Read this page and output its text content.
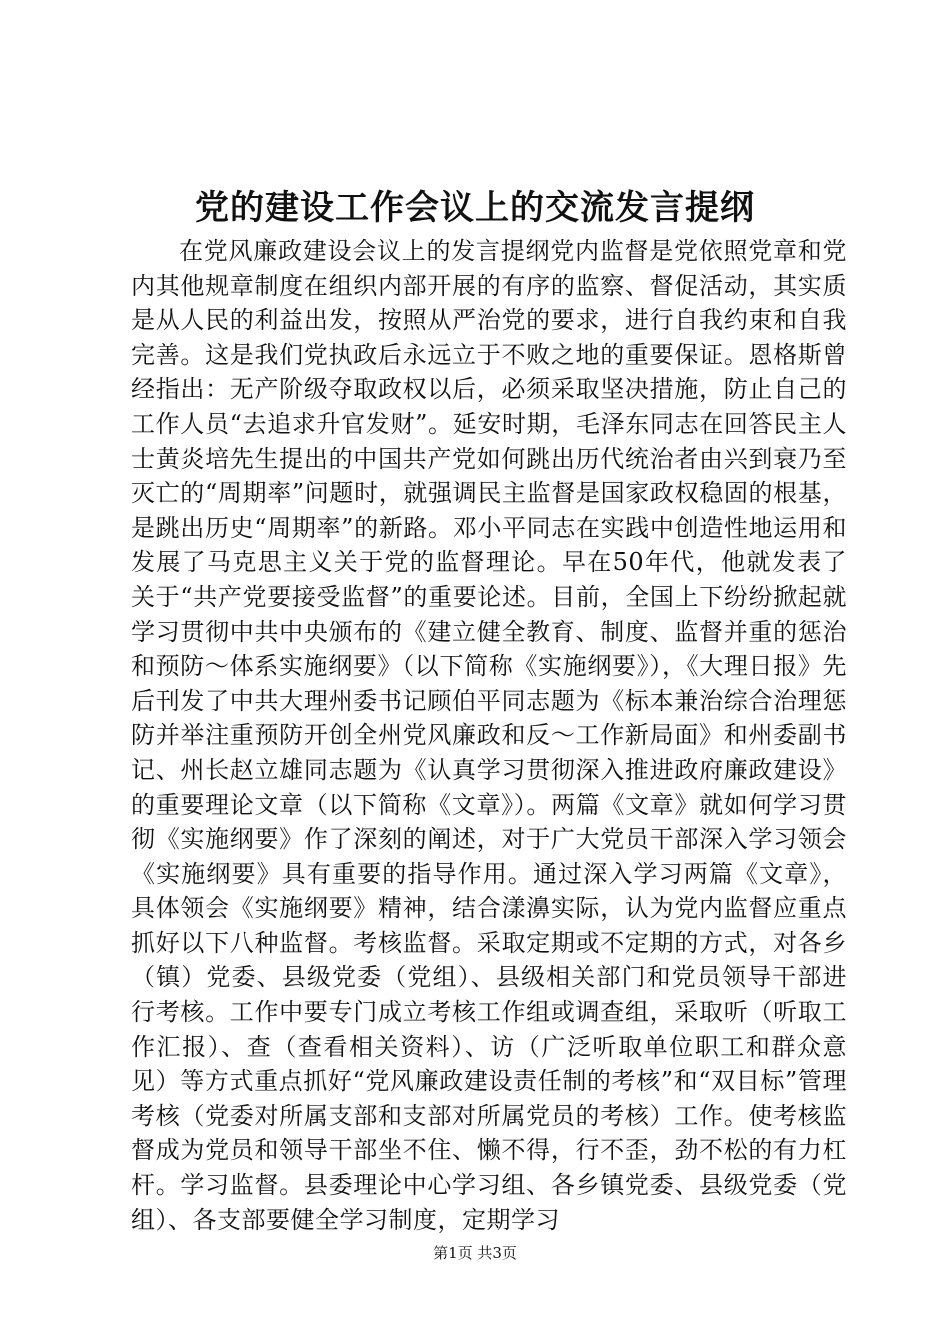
党的建设工作会议上的交流发言提纲

在党风廉政建设会议上的发言提纲党内监督是党依照党章和党内其他规章制度在组织内部开展的有序的监察、督促活动，其实质是从人民的利益出发，按照从严治党的要求，进行自我约束和自我完善。这是我们党执政后永远立于不败之地的重要保证。恩格斯曾经指出：无产阶级夺取政权以后，必须采取坚决措施，防止自己的工作人员“去追求升官发财”。延安时期，毛泽东同志在回答民主人士黄炎培先生提出的中国共产党如何跳出历代统治者由兴到衰乃至灭亡的“周期率”问题时，就强调民主监督是国家政权稳固的根基，是跳出历史“周期率”的新路。邓小平同志在实践中创造性地运用和发展了马克思主义关于党的监督理论。早在50年代，他就发表了关于“共产党要接受监督”的重要论述。目前，全国上下纷纷掀起就学习贯彻中共中央颁布的《建立健全教育、制度、监督并重的惩治和预防～体系实施纲要》（以下简称《实施纲要》），《大理日报》先后刊发了中共大理州委书记顾伯平同志题为《标本兼治综合治理惩防并举注重预防开创全州党风廉政和反～工作新局面》和州委副书记、州长赵立雄同志题为《认真学习贯彻深入推进政府廉政建设》的重要理论文章（以下简称《文章》）。两篇《文章》就如何学习贯彻《实施纲要》作了深刻的阐述，对于广大党员干部深入学习领会《实施纲要》具有重要的指导作用。通过深入学习两篇《文章》，具体领会《实施纲要》精神，结合漾濞实际，认为党内监督应重点抓好以下八种监督。考核监督。采取定期或不定期的方式，对各乡（镇）党委、县级党委（党组）、县级相关部门和党员领导干部进行考核。工作中要专门成立考核工作组或调查组，采取听（听取工作汇报）、查（查看相关资料）、访（广泛听取单位职工和群众意见）等方式重点抓好“党风廉政建设责任制的考核”和“双目标”管理考核（党委对所属支部和支部对所属党员的考核）工作。使考核监督成为党员和领导干部坐不住、懒不得，行不歪，劲不松的有力杠杆。学习监督。县委理论中心学习组、各乡镇党委、县级党委（党组）、各支部要健全学习制度，定期学习

第1页 共3页
